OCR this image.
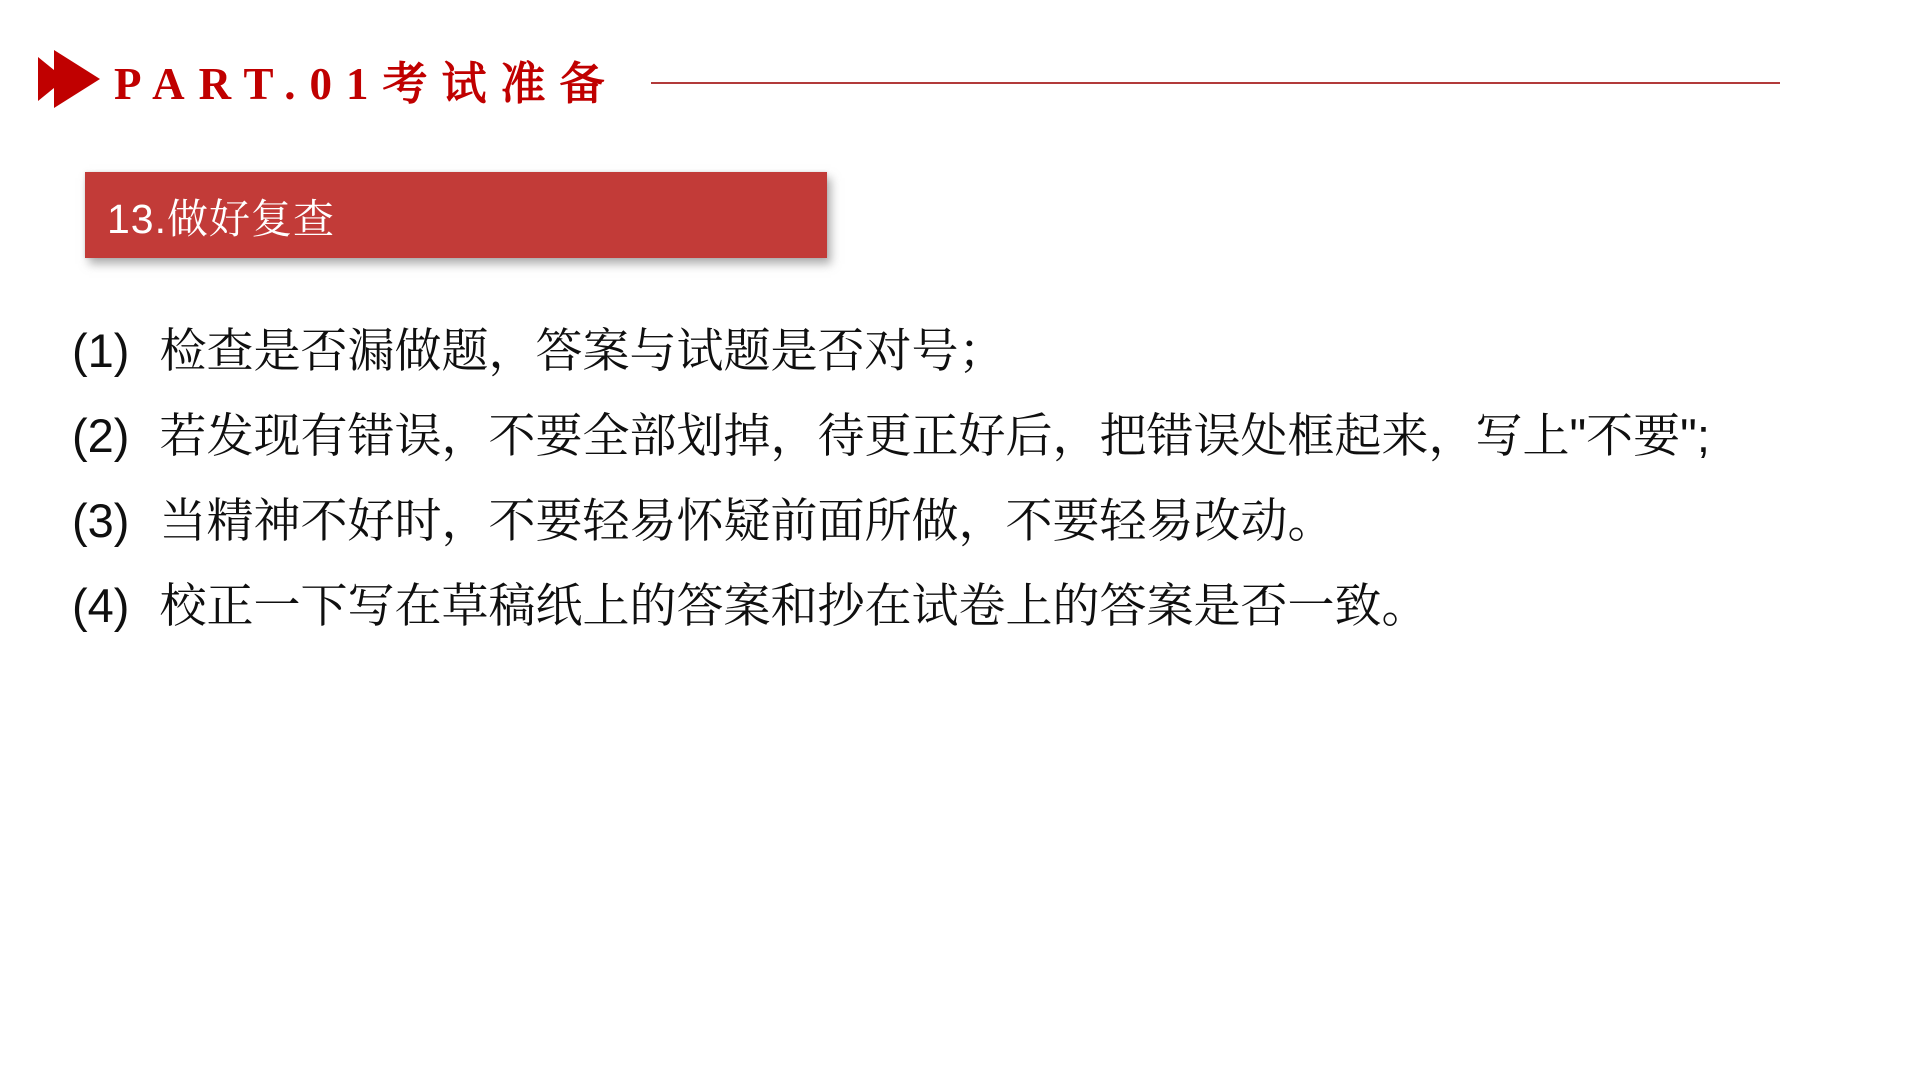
PART.01考试准备
13.做好复查
(1) 检查是否漏做题，答案与试题是否对号；
(2) 若发现有错误，不要全部划掉，待更正好后，把错误处框起来，写上"不要";
(3) 当精神不好时，不要轻易怀疑前面所做，不要轻易改动。
(4) 校正一下写在草稿纸上的答案和抄在试卷上的答案是否一致。
